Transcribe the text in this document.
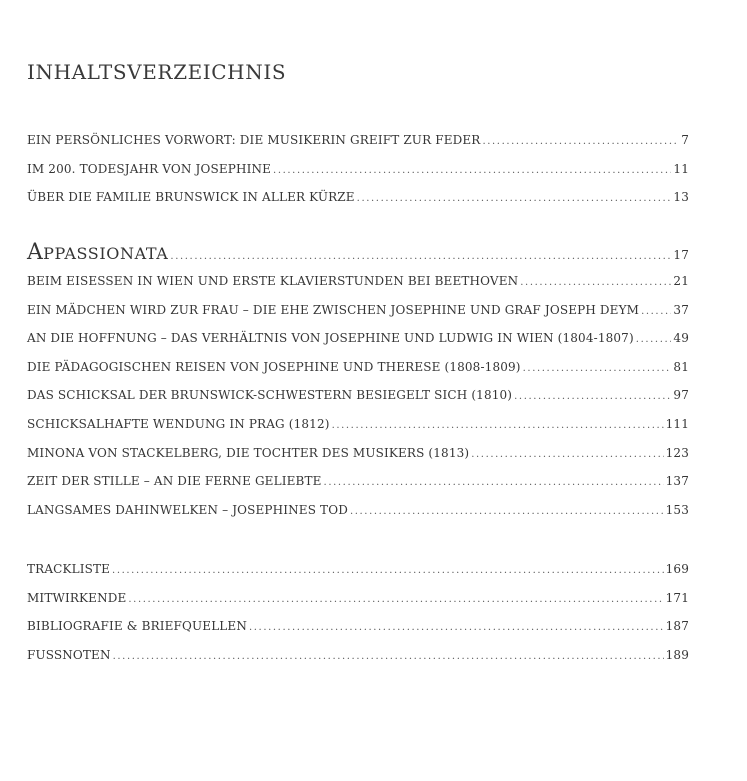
INHALTSVERZEICHNIS
EIN PERSÖNLICHES VORWORT: DIE MUSIKERIN GREIFT ZUR FEDER .....	7
IM 200. TODESJAHR VON JOSEPHINE .....	11
ÜBER DIE FAMILIE BRUNSWICK IN ALLER KÜRZE .....	13
APPASSIONATA .....	17
BEIM EISESSEN IN WIEN UND ERSTE KLAVIERSTUNDEN BEI BEETHOVEN .....	21
EIN MÄDCHEN WIRD ZUR FRAU – DIE EHE ZWISCHEN JOSEPHINE UND GRAF JOSEPH DEYM .....	37
AN DIE HOFFNUNG – DAS VERHÄLTNIS VON JOSEPHINE UND LUDWIG IN WIEN (1804-1807) .....	49
DIE PÄDAGOGISCHEN REISEN VON JOSEPHINE UND THERESE (1808-1809) .....	81
DAS SCHICKSAL DER BRUNSWICK-SCHWESTERN BESIEGELT SICH (1810) .....	97
SCHICKSALHAFTE WENDUNG IN PRAG (1812) .....	111
MINONA VON STACKELBERG, DIE TOCHTER DES MUSIKERS (1813) .....	123
ZEIT DER STILLE – AN DIE FERNE GELIEBTE .....	137
LANGSAMES DAHINWELKEN – JOSEPHINES TOD .....	153
TRACKLISTE .....	169
MITWIRKENDE .....	171
BIBLIOGRAFIE & BRIEFQUELLEN .....	187
FUSSNOTEN .....	189
